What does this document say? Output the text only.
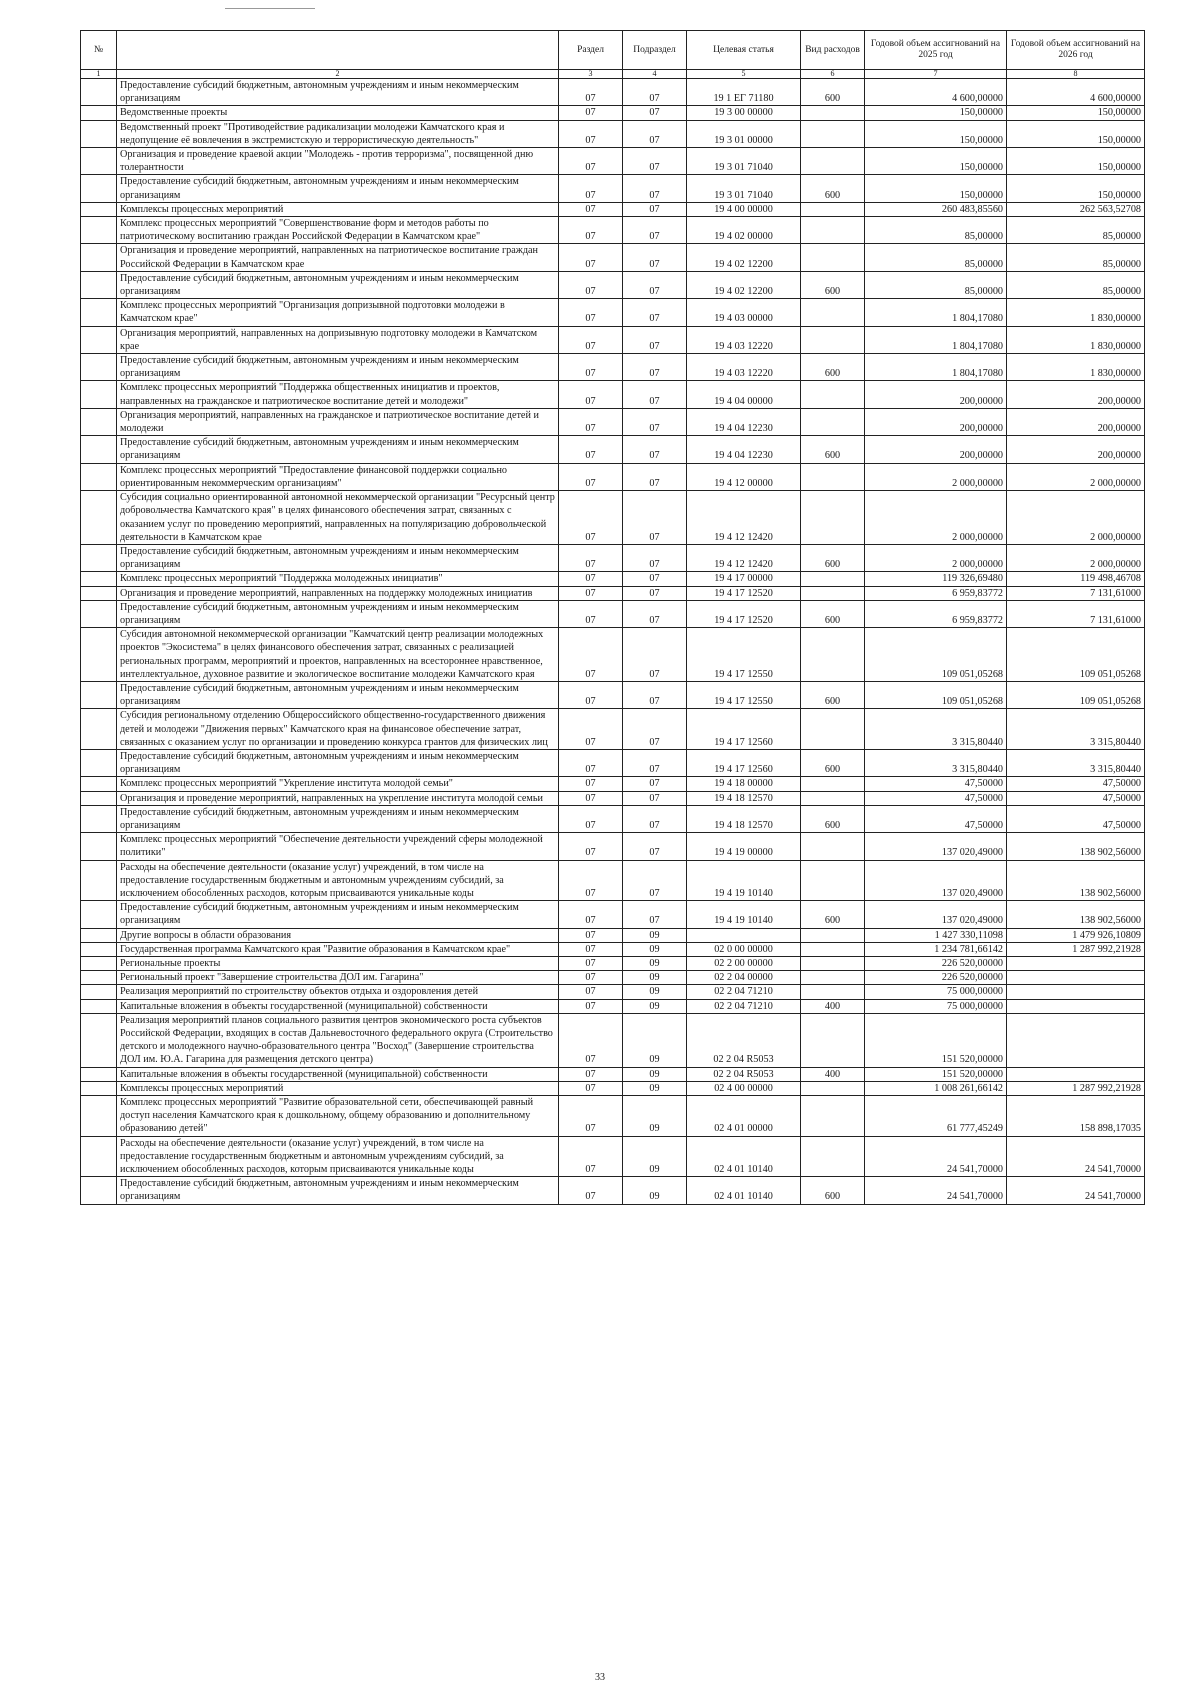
№		Раздел	Подраздел	Целевая статья	Вид расходов	Годовой объем ассигнований на 2025 год	Годовой объем ассигнований на 2026 год
1	2	3	4	5	6	7	8
	Предоставление субсидий бюджетным, автономным учреждениям и иным некоммерческим организациям	07	07	19 1 ЕГ 71180	600	4 600,00000	4 600,00000
	Ведомственные проекты	07	07	19 3 00 00000		150,00000	150,00000
	Ведомственный проект "Противодействие радикализации молодежи Камчатского края и недопущение её вовлечения в экстремистскую и террористическую деятельность"	07	07	19 3 01 00000		150,00000	150,00000
	Организация и проведение краевой акции "Молодежь - против терроризма", посвященной дню толерантности	07	07	19 3 01 71040		150,00000	150,00000
	Предоставление субсидий бюджетным, автономным учреждениям и иным некоммерческим организациям	07	07	19 3 01 71040	600	150,00000	150,00000
	Комплексы процессных мероприятий	07	07	19 4 00 00000		260 483,85560	262 563,52708
	Комплекс процессных мероприятий "Совершенствование форм и методов работы по патриотическому воспитанию граждан Российской Федерации в Камчатском крае"	07	07	19 4 02 00000		85,00000	85,00000
	Организация и проведение мероприятий, направленных на патриотическое воспитание граждан Российской Федерации в Камчатском крае	07	07	19 4 02 12200		85,00000	85,00000
	Предоставление субсидий бюджетным, автономным учреждениям и иным некоммерческим организациям	07	07	19 4 02 12200	600	85,00000	85,00000
	Комплекс процессных мероприятий "Организация допризывной подготовки молодежи в Камчатском крае"	07	07	19 4 03 00000		1 804,17080	1 830,00000
	Организация мероприятий, направленных на допризывную подготовку молодежи в Камчатском крае	07	07	19 4 03 12220		1 804,17080	1 830,00000
	Предоставление субсидий бюджетным, автономным учреждениям и иным некоммерческим организациям	07	07	19 4 03 12220	600	1 804,17080	1 830,00000
	Комплекс процессных мероприятий "Поддержка общественных инициатив и проектов, направленных на гражданское и патриотическое воспитание детей и молодежи"	07	07	19 4 04 00000		200,00000	200,00000
	Организация мероприятий, направленных на гражданское и патриотическое воспитание детей и молодежи	07	07	19 4 04 12230		200,00000	200,00000
	Предоставление субсидий бюджетным, автономным учреждениям и иным некоммерческим организациям	07	07	19 4 04 12230	600	200,00000	200,00000
	Комплекс процессных мероприятий "Предоставление финансовой поддержки социально ориентированным некоммерческим организациям"	07	07	19 4 12 00000		2 000,00000	2 000,00000
	Субсидия социально ориентированной автономной некоммерческой организации "Ресурсный центр добровольчества Камчатского края" в целях финансового обеспечения затрат, связанных с оказанием услуг по проведению мероприятий, направленных на популяризацию добровольческой деятельности в Камчатском крае	07	07	19 4 12 12420		2 000,00000	2 000,00000
	Предоставление субсидий бюджетным, автономным учреждениям и иным некоммерческим организациям	07	07	19 4 12 12420	600	2 000,00000	2 000,00000
	Комплекс процессных мероприятий "Поддержка молодежных инициатив"	07	07	19 4 17 00000		119 326,69480	119 498,46708
	Организация и проведение мероприятий, направленных на поддержку молодежных инициатив	07	07	19 4 17 12520		6 959,83772	7 131,61000
	Предоставление субсидий бюджетным, автономным учреждениям и иным некоммерческим организациям	07	07	19 4 17 12520	600	6 959,83772	7 131,61000
	Субсидия автономной некоммерческой организации "Камчатский центр реализации молодежных проектов "Экосистема" в целях финансового обеспечения затрат, связанных с реализацией региональных программ, мероприятий и проектов, направленных на всестороннее нравственное, интеллектуальное, духовное развитие и экологическое воспитание молодежи Камчатского края	07	07	19 4 17 12550		109 051,05268	109 051,05268
	Предоставление субсидий бюджетным, автономным учреждениям и иным некоммерческим организациям	07	07	19 4 17 12550	600	109 051,05268	109 051,05268
	Субсидия региональному отделению Общероссийского общественно-государственного движения детей и молодежи "Движения первых" Камчатского края на финансовое обеспечение затрат, связанных с оказанием услуг по организации и проведению конкурса грантов для физических лиц	07	07	19 4 17 12560		3 315,80440	3 315,80440
	Предоставление субсидий бюджетным, автономным учреждениям и иным некоммерческим организациям	07	07	19 4 17 12560	600	3 315,80440	3 315,80440
	Комплекс процессных мероприятий "Укрепление института молодой семьи"	07	07	19 4 18 00000		47,50000	47,50000
	Организация и проведение мероприятий, направленных на укрепление института молодой семьи	07	07	19 4 18 12570		47,50000	47,50000
	Предоставление субсидий бюджетным, автономным учреждениям и иным некоммерческим организациям	07	07	19 4 18 12570	600	47,50000	47,50000
	Комплекс процессных мероприятий "Обеспечение деятельности учреждений сферы молодежной политики"	07	07	19 4 19 00000		137 020,49000	138 902,56000
	Расходы на обеспечение деятельности (оказание услуг) учреждений, в том числе на предоставление государственным бюджетным и автономным учреждениям субсидий, за исключением обособленных расходов, которым присваиваются уникальные коды	07	07	19 4 19 10140		137 020,49000	138 902,56000
	Предоставление субсидий бюджетным, автономным учреждениям и иным некоммерческим организациям	07	07	19 4 19 10140	600	137 020,49000	138 902,56000
	Другие вопросы в области образования	07	09			1 427 330,11098	1 479 926,10809
	Государственная программа Камчатского края "Развитие образования в Камчатском крае"	07	09	02 0 00 00000		1 234 781,66142	1 287 992,21928
	Региональные проекты	07	09	02 2 00 00000		226 520,00000	
	Региональный проект "Завершение строительства ДОЛ им. Гагарина"	07	09	02 2 04 00000		226 520,00000	
	Реализация мероприятий по строительству объектов отдыха и оздоровления детей	07	09	02 2 04 71210		75 000,00000	
	Капитальные вложения в объекты государственной (муниципальной) собственности	07	09	02 2 04 71210	400	75 000,00000	
	Реализация мероприятий планов социального развития центров экономического роста субъектов Российской Федерации, входящих в состав Дальневосточного федерального округа (Строительство детского и молодежного научно-образовательного центра "Восход" (Завершение строительства ДОЛ им. Ю.А. Гагарина для размещения детского центра)	07	09	02 2 04 R5053		151 520,00000	
	Капитальные вложения в объекты государственной (муниципальной) собственности	07	09	02 2 04 R5053	400	151 520,00000	
	Комплексы процессных мероприятий	07	09	02 4 00 00000		1 008 261,66142	1 287 992,21928
	Комплекс процессных мероприятий "Развитие образовательной сети, обеспечивающей равный доступ населения Камчатского края к дошкольному, общему образованию и дополнительному образованию детей"	07	09	02 4 01 00000		61 777,45249	158 898,17035
	Расходы на обеспечение деятельности (оказание услуг) учреждений, в том числе на предоставление государственным бюджетным и автономным учреждениям субсидий, за исключением обособленных расходов, которым присваиваются уникальные коды	07	09	02 4 01 10140		24 541,70000	24 541,70000
	Предоставление субсидий бюджетным, автономным учреждениям и иным некоммерческим организациям	07	09	02 4 01 10140	600	24 541,70000	24 541,70000
33
